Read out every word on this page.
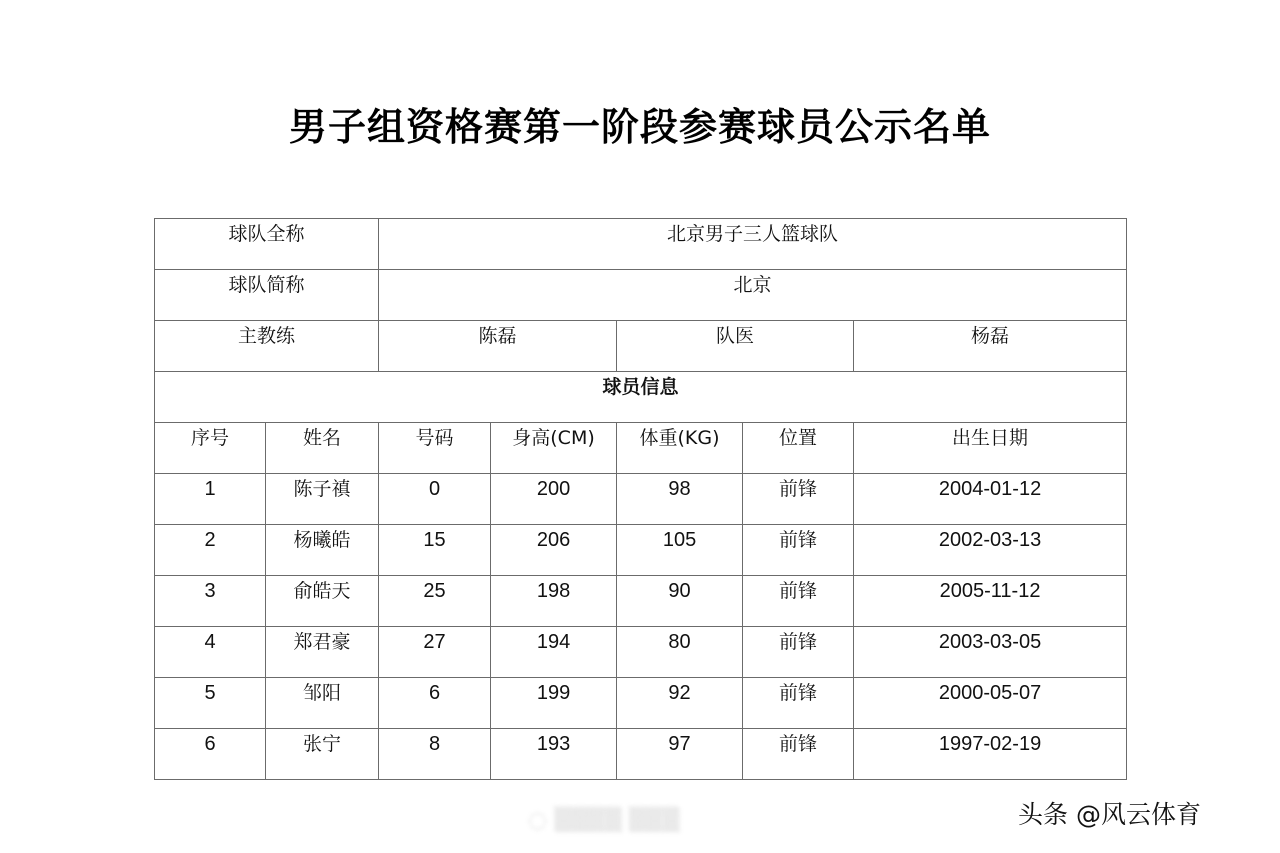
男子组资格赛第一阶段参赛球员公示名单
球队全称		北京男子三人篮球队				

球队简称		北京				

主教练		陈磊		队医		杨磊

球员信息						

序号	姓名	号码	身高(CM)	体重(KG)	位置	出生日期

1	陈子禛	0	200	98	前锋	2004-01-12

2	杨曦皓	15	206	105	前锋	2002-03-13

3	俞皓天	25	198	90	前锋	2005-11-12

4	郑君豪	27	194	80	前锋	2003-03-05

5	邹阳	6	199	92	前锋	2000-05-07

6	张宁	8	193	97	前锋	1997-02-19
◌ ▒▒▒▒ ▒▒▒	头条 @风云体育
